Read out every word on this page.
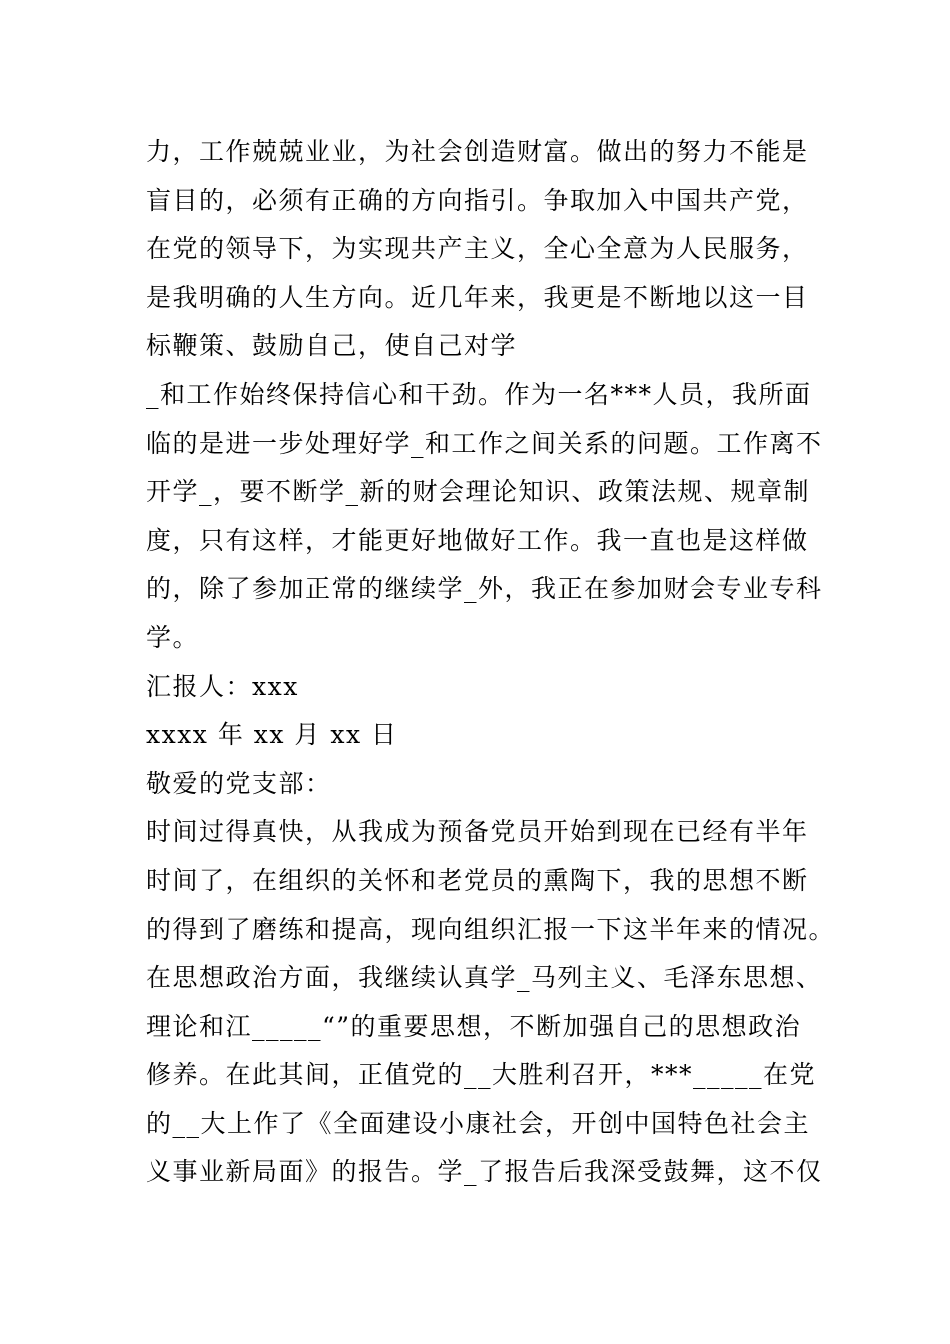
力，工作兢兢业业，为社会创造财富。做出的努力不能是
盲目的，必须有正确的方向指引。争取加入中国共产党，
在党的领导下，为实现共产主义，全心全意为人民服务，
是我明确的人生方向。近几年来，我更是不断地以这一目
标鞭策、鼓励自己，使自己对学
_和工作始终保持信心和干劲。作为一名***人员，我所面
临的是进一步处理好学_和工作之间关系的问题。工作离不
开学_，要不断学_新的财会理论知识、政策法规、规章制
度，只有这样，才能更好地做好工作。我一直也是这样做
的，除了参加正常的继续学_外，我正在参加财会专业专科
学。
汇报人：xxx
xxxx 年 xx 月 xx 日
敬爱的党支部：
时间过得真快，从我成为预备党员开始到现在已经有半年
时间了，在组织的关怀和老党员的熏陶下，我的思想不断
的得到了磨练和提高，现向组织汇报一下这半年来的情况。
在思想政治方面，我继续认真学_马列主义、毛泽东思想、
理论和江_____“”的重要思想，不断加强自己的思想政治
修养。在此其间，正值党的__大胜利召开，***_____在党
的__大上作了《全面建设小康社会，开创中国特色社会主
义事业新局面》的报告。学_了报告后我深受鼓舞，这不仅
